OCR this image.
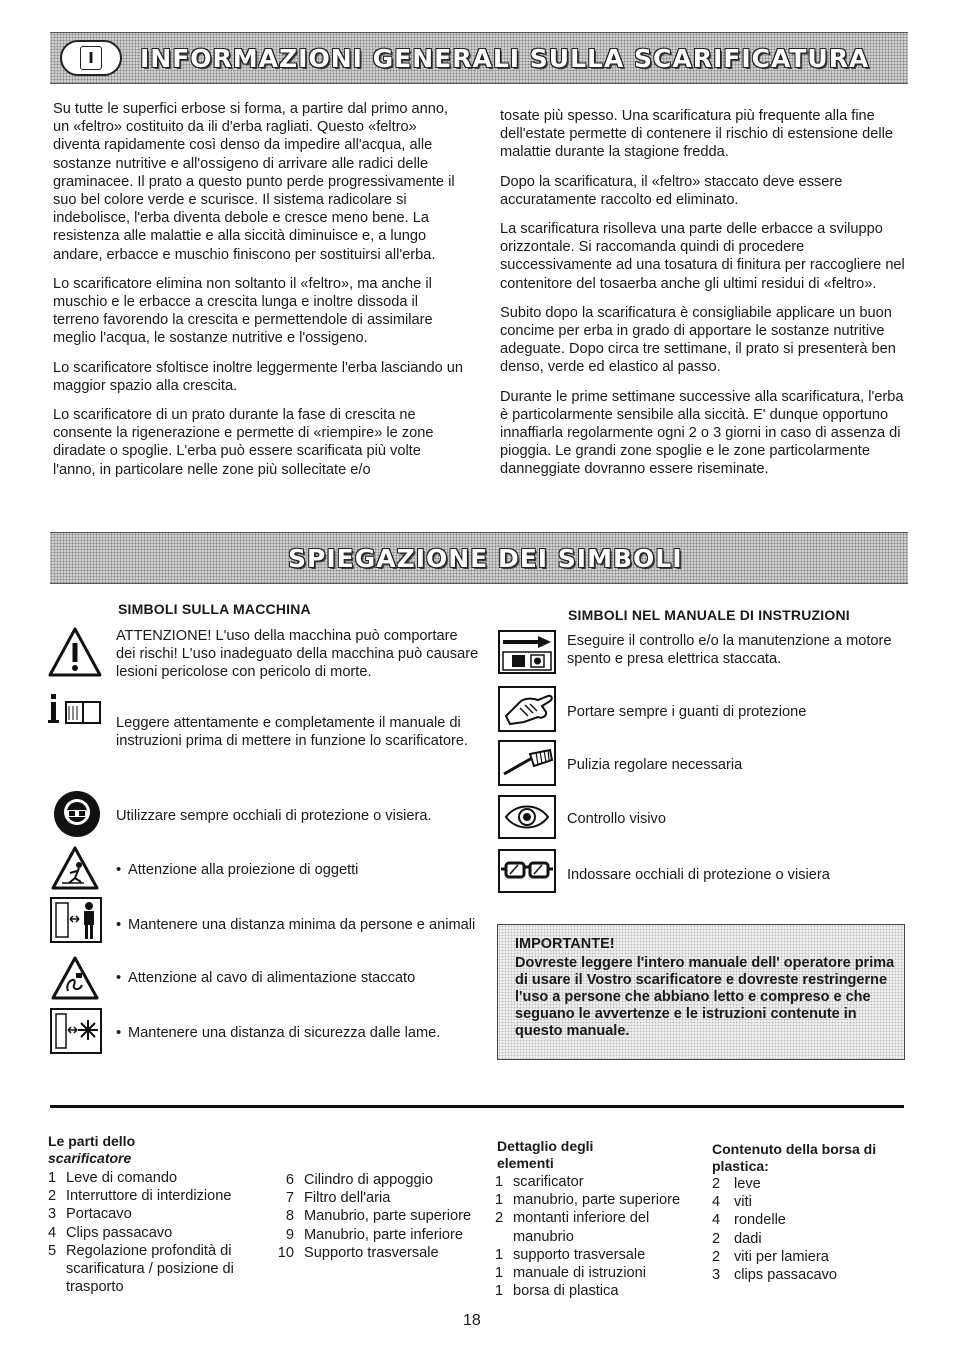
I	INFORMAZIONI GENERALI SULLA SCARIFICATURA

Su tutte le superfici erbose si forma, a partire dal primo anno, un «feltro» costituito da ili d'erba ragliati. Questo «feltro» diventa rapidamente così denso da impedire all'acqua, alle sostanze nutritive e all'ossigeno di arrivare alle radici delle graminacee. Il prato a questo punto perde progressivamente il suo bel colore verde e scurisce. Il sistema radicolare si indebolisce, l'erba diventa debole e cresce meno bene. La resistenza alle malattie e alla siccità diminuisce e, a lungo andare, erbacce e muschio finiscono per sostituirsi all'erba.

Lo scarificatore elimina non soltanto il «feltro», ma anche il muschio e le erbacce a crescita lunga e inoltre dissoda il terreno favorendo la crescita e permettendole di assimilare meglio l'acqua, le sostanze nutritive e l'ossigeno.

Lo scarificatore sfoltisce inoltre leggermente l'erba lasciando un maggior spazio alla crescita.

Lo scarificatore di un prato durante la fase di crescita ne consente la rigenerazione e permette di «riempire» le zone diradate o spoglie. L'erba può essere scarificata più volte l'anno, in particolare nelle zone più sollecitate e/o

tosate più spesso. Una scarificatura più frequente alla fine dell'estate permette di contenere il rischio di estensione delle malattie durante la stagione fredda.

Dopo la scarificatura, il «feltro» staccato deve essere accuratamente raccolto ed eliminato.

La scarificatura risolleva una parte delle erbacce a sviluppo orizzontale. Si raccomanda quindi di procedere successivamente ad una tosatura di finitura per raccogliere nel contenitore del tosaerba anche gli ultimi residui di «feltro».

Subito dopo la scarificatura è consigliabile applicare un buon concime per erba in grado di apportare le sostanze nutritive adeguate. Dopo circa tre settimane, il prato si presenterà ben denso, verde ed elastico al passo.

Durante le prime settimane successive alla scarificatura, l'erba è particolarmente sensibile alla siccità. E' dunque opportuno innaffiarla regolarmente ogni 2 o 3 giorni in caso di assenza di pioggia. Le grandi zone spoglie e le zone particolarmente danneggiate dovranno essere riseminate.

SPIEGAZIONE DEI SIMBOLI
SIMBOLI SULLA MACCHINA
ATTENZIONE! L'uso della macchina può comportare dei rischi! L'uso inadeguato della macchina può causare lesioni pericolose con pericolo di morte.
Leggere attentamente e completamente il manuale di instruzioni prima di mettere in funzione lo scarificatore.
Utilizzare sempre occhiali di protezione o visiera.
• Attenzione alla proiezione di oggetti
• Mantenere una distanza minima da persone e animali
• Attenzione al cavo di alimentazione staccato
• Mantenere una distanza di sicurezza dalle lame.
SIMBOLI NEL MANUALE DI INSTRUZIONI
Eseguire il controllo e/o la manutenzione a motore spento e presa elettrica staccata.
Portare sempre i guanti di protezione
Pulizia regolare necessaria
Controllo visivo
Indossare occhiali di protezione o visiera
IMPORTANTE!
Dovreste leggere l'intero manuale dell' operatore prima di usare il Vostro scarificatore e dovreste restringerne l'uso a persone che abbiano letto e compreso e che seguano le avvertenze e le istruzioni contenute in questo manuale.
Le parti dello
scarificatore
1 Leve di comando
2 Interruttore di interdizione
3 Portacavo
4 Clips passacavo
5 Regolazione profondità di scarificatura / posizione di trasporto
6 Cilindro di appoggio
7 Filtro dell'aria
8 Manubrio, parte superiore
9 Manubrio, parte inferiore
10 Supporto trasversale
Dettaglio degli
elementi
1 scarificator
1 manubrio, parte superiore
2 montanti inferiore del manubrio
1 supporto trasversale
1 manuale di istruzioni
1 borsa di plastica
Contenuto della borsa di
plastica:
2 leve
4 viti
4 rondelle
2 dadi
2 viti per lamiera
3 clips passacavo
18
